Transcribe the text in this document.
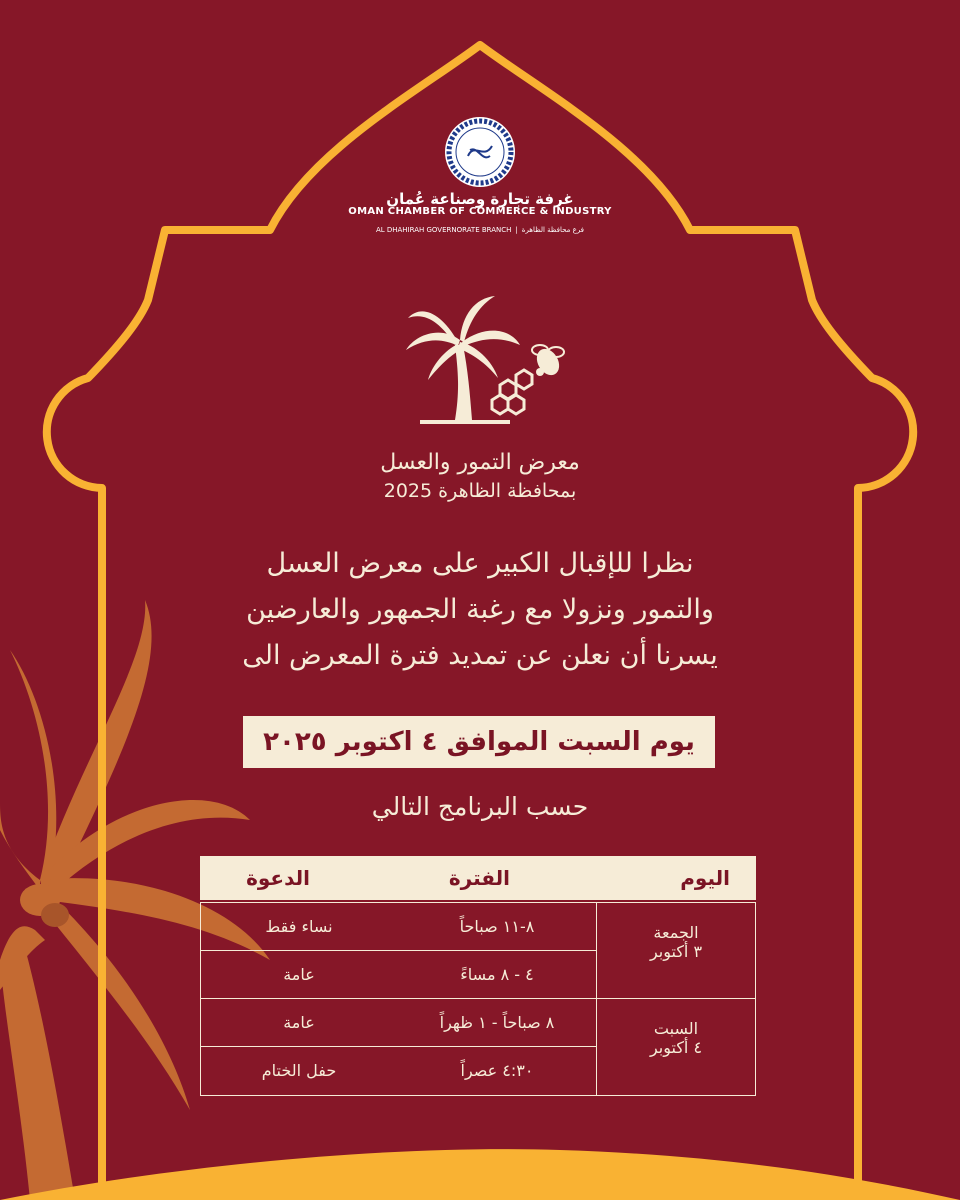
غرفة تجارة وصناعة عُمان
OMAN CHAMBER OF COMMERCE & INDUSTRY
AL DHAHIRAH GOVERNORATE BRANCH | فرع محافظة الظاهرة
معرض التمور والعسل
بمحافظة الظاهرة 2025
نظرا للإقبال الكبير على معرض العسل
والتمور ونزولا مع رغبة الجمهور والعارضين
يسرنا أن نعلن عن تمديد فترة المعرض الى
يوم السبت الموافق ٤ اكتوبر ٢٠٢٥
حسب البرنامج التالي
اليوم
الفترة
الدعوة
الجمعة
٣ أكتوبر
٨-١١ صباحاً
نساء فقط
٤ - ٨ مساءً
عامة
السبت
٤ أكتوبر
٨ صباحاً - ١ ظهراً
عامة
٤:٣٠ عصراً
حفل الختام
